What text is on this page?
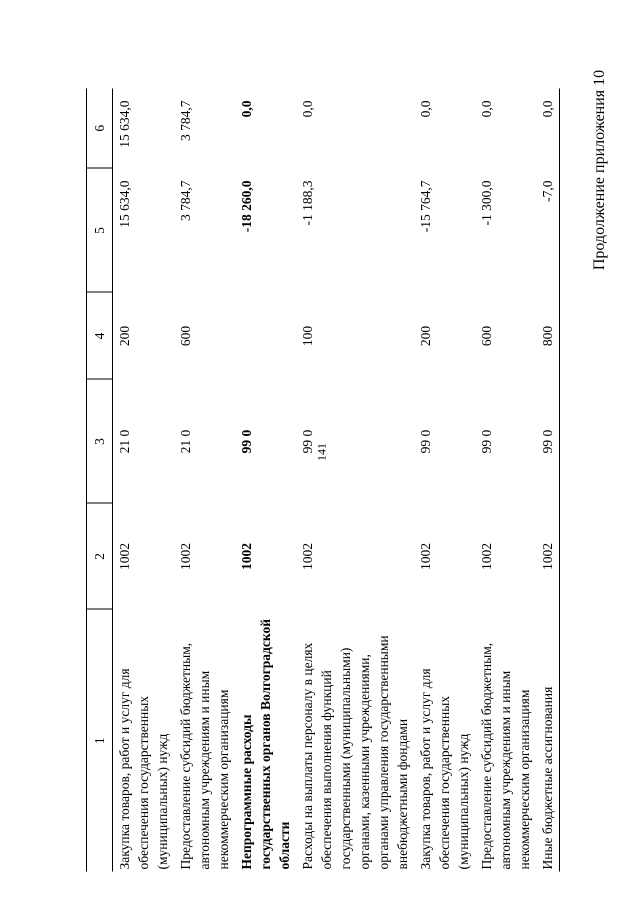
141
Продолжение приложения 10
1	2	3	4	5	6
Закупка товаров, работ и услуг для обеспечения государственных (муниципальных) нужд	1002	21 0	200	15 634,0	15 634,0
Предоставление субсидий бюджетным, автономным учреждениям и иным некоммерческим организациям	1002	21 0	600	3 784,7	3 784,7
Непрограммные расходы государственных органов Волгоградской области	1002	99 0		-18 260,0	0,0
Расходы на выплаты персоналу в целях обеспечения выполнения функций государственными (муниципальными) органами, казенными учреждениями, органами управления государственными внебюджетными фондами	1002	99 0	100	-1 188,3	0,0
Закупка товаров, работ и услуг для обеспечения государственных (муниципальных) нужд	1002	99 0	200	-15 764,7	0,0
Предоставление субсидий бюджетным, автономным учреждениям и иным некоммерческим организациям	1002	99 0	600	-1 300,0	0,0
Иные бюджетные ассигнования	1002	99 0	800	-7,0	0,0
